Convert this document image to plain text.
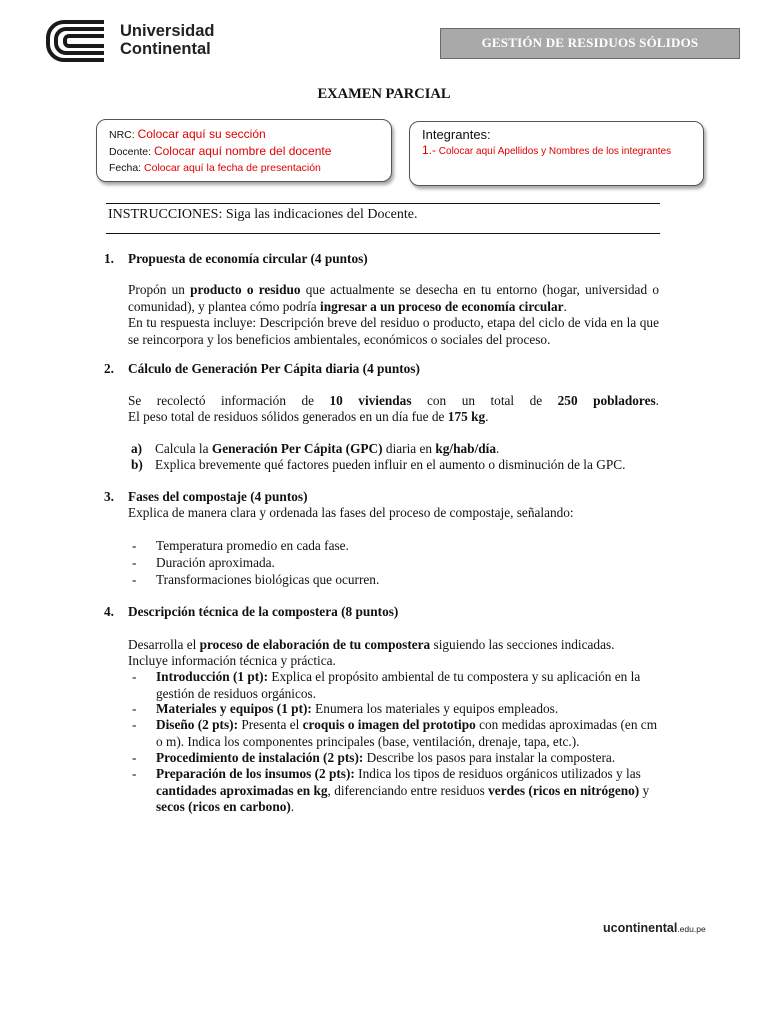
Universidad
Continental	GESTIÓN DE RESIDUOS SÓLIDOS
EXAMEN PARCIAL
NRC: Colocar aquí su sección
Docente: Colocar aquí nombre del docente
Fecha: Colocar aquí la fecha de presentación
Integrantes:
1.- Colocar aquí Apellidos y Nombres de los integrantes
INSTRUCCIONES: Siga las indicaciones del Docente.
1. Propuesta de economía circular (4 puntos)
Propón un producto o residuo que actualmente se desecha en tu entorno (hogar, universidad o comunidad), y plantea cómo podría ingresar a un proceso de economía circular.
En tu respuesta incluye: Descripción breve del residuo o producto, etapa del ciclo de vida en la que se reincorpora y los beneficios ambientales, económicos o sociales del proceso.
2. Cálculo de Generación Per Cápita diaria (4 puntos)
Se recolectó información de 10 viviendas con un total de 250 pobladores.
El peso total de residuos sólidos generados en un día fue de 175 kg.
a) Calcula la Generación Per Cápita (GPC) diaria en kg/hab/día.
b) Explica brevemente qué factores pueden influir en el aumento o disminución de la GPC.
3. Fases del compostaje (4 puntos)
Explica de manera clara y ordenada las fases del proceso de compostaje, señalando:
- Temperatura promedio en cada fase.
- Duración aproximada.
- Transformaciones biológicas que ocurren.
4. Descripción técnica de la compostera (8 puntos)
Desarrolla el proceso de elaboración de tu compostera siguiendo las secciones indicadas.
Incluye información técnica y práctica.
- Introducción (1 pt): Explica el propósito ambiental de tu compostera y su aplicación en la gestión de residuos orgánicos.
- Materiales y equipos (1 pt): Enumera los materiales y equipos empleados.
- Diseño (2 pts): Presenta el croquis o imagen del prototipo con medidas aproximadas (en cm o m). Indica los componentes principales (base, ventilación, drenaje, tapa, etc.).
- Procedimiento de instalación (2 pts): Describe los pasos para instalar la compostera.
- Preparación de los insumos (2 pts): Indica los tipos de residuos orgánicos utilizados y las cantidades aproximadas en kg, diferenciando entre residuos verdes (ricos en nitrógeno) y secos (ricos en carbono).
ucontinental.edu.pe
